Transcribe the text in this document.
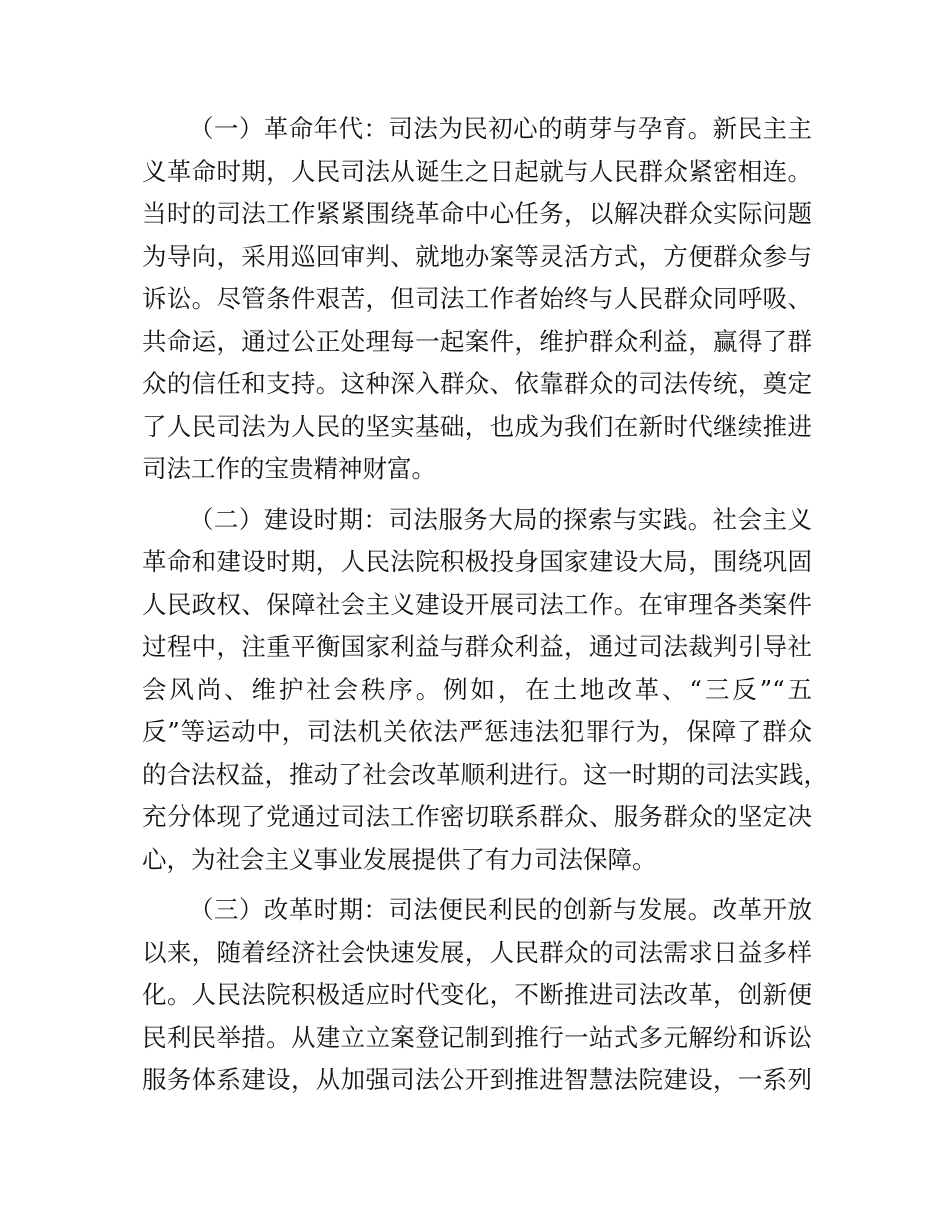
（一）革命年代：司法为民初心的萌芽与孕育。新民主主
义革命时期，人民司法从诞生之日起就与人民群众紧密相连。
当时的司法工作紧紧围绕革命中心任务，以解决群众实际问题
为导向，采用巡回审判、就地办案等灵活方式，方便群众参与
诉讼。尽管条件艰苦，但司法工作者始终与人民群众同呼吸、
共命运，通过公正处理每一起案件，维护群众利益，赢得了群
众的信任和支持。这种深入群众、依靠群众的司法传统，奠定
了人民司法为人民的坚实基础，也成为我们在新时代继续推进
司法工作的宝贵精神财富。
（二）建设时期：司法服务大局的探索与实践。社会主义
革命和建设时期，人民法院积极投身国家建设大局，围绕巩固
人民政权、保障社会主义建设开展司法工作。在审理各类案件
过程中，注重平衡国家利益与群众利益，通过司法裁判引导社
会风尚、维护社会秩序。例如，在土地改革、“三反”“五
反”等运动中，司法机关依法严惩违法犯罪行为，保障了群众
的合法权益，推动了社会改革顺利进行。这一时期的司法实践，
充分体现了党通过司法工作密切联系群众、服务群众的坚定决
心，为社会主义事业发展提供了有力司法保障。
（三）改革时期：司法便民利民的创新与发展。改革开放
以来，随着经济社会快速发展，人民群众的司法需求日益多样
化。人民法院积极适应时代变化，不断推进司法改革，创新便
民利民举措。从建立立案登记制到推行一站式多元解纷和诉讼
服务体系建设，从加强司法公开到推进智慧法院建设，一系列
